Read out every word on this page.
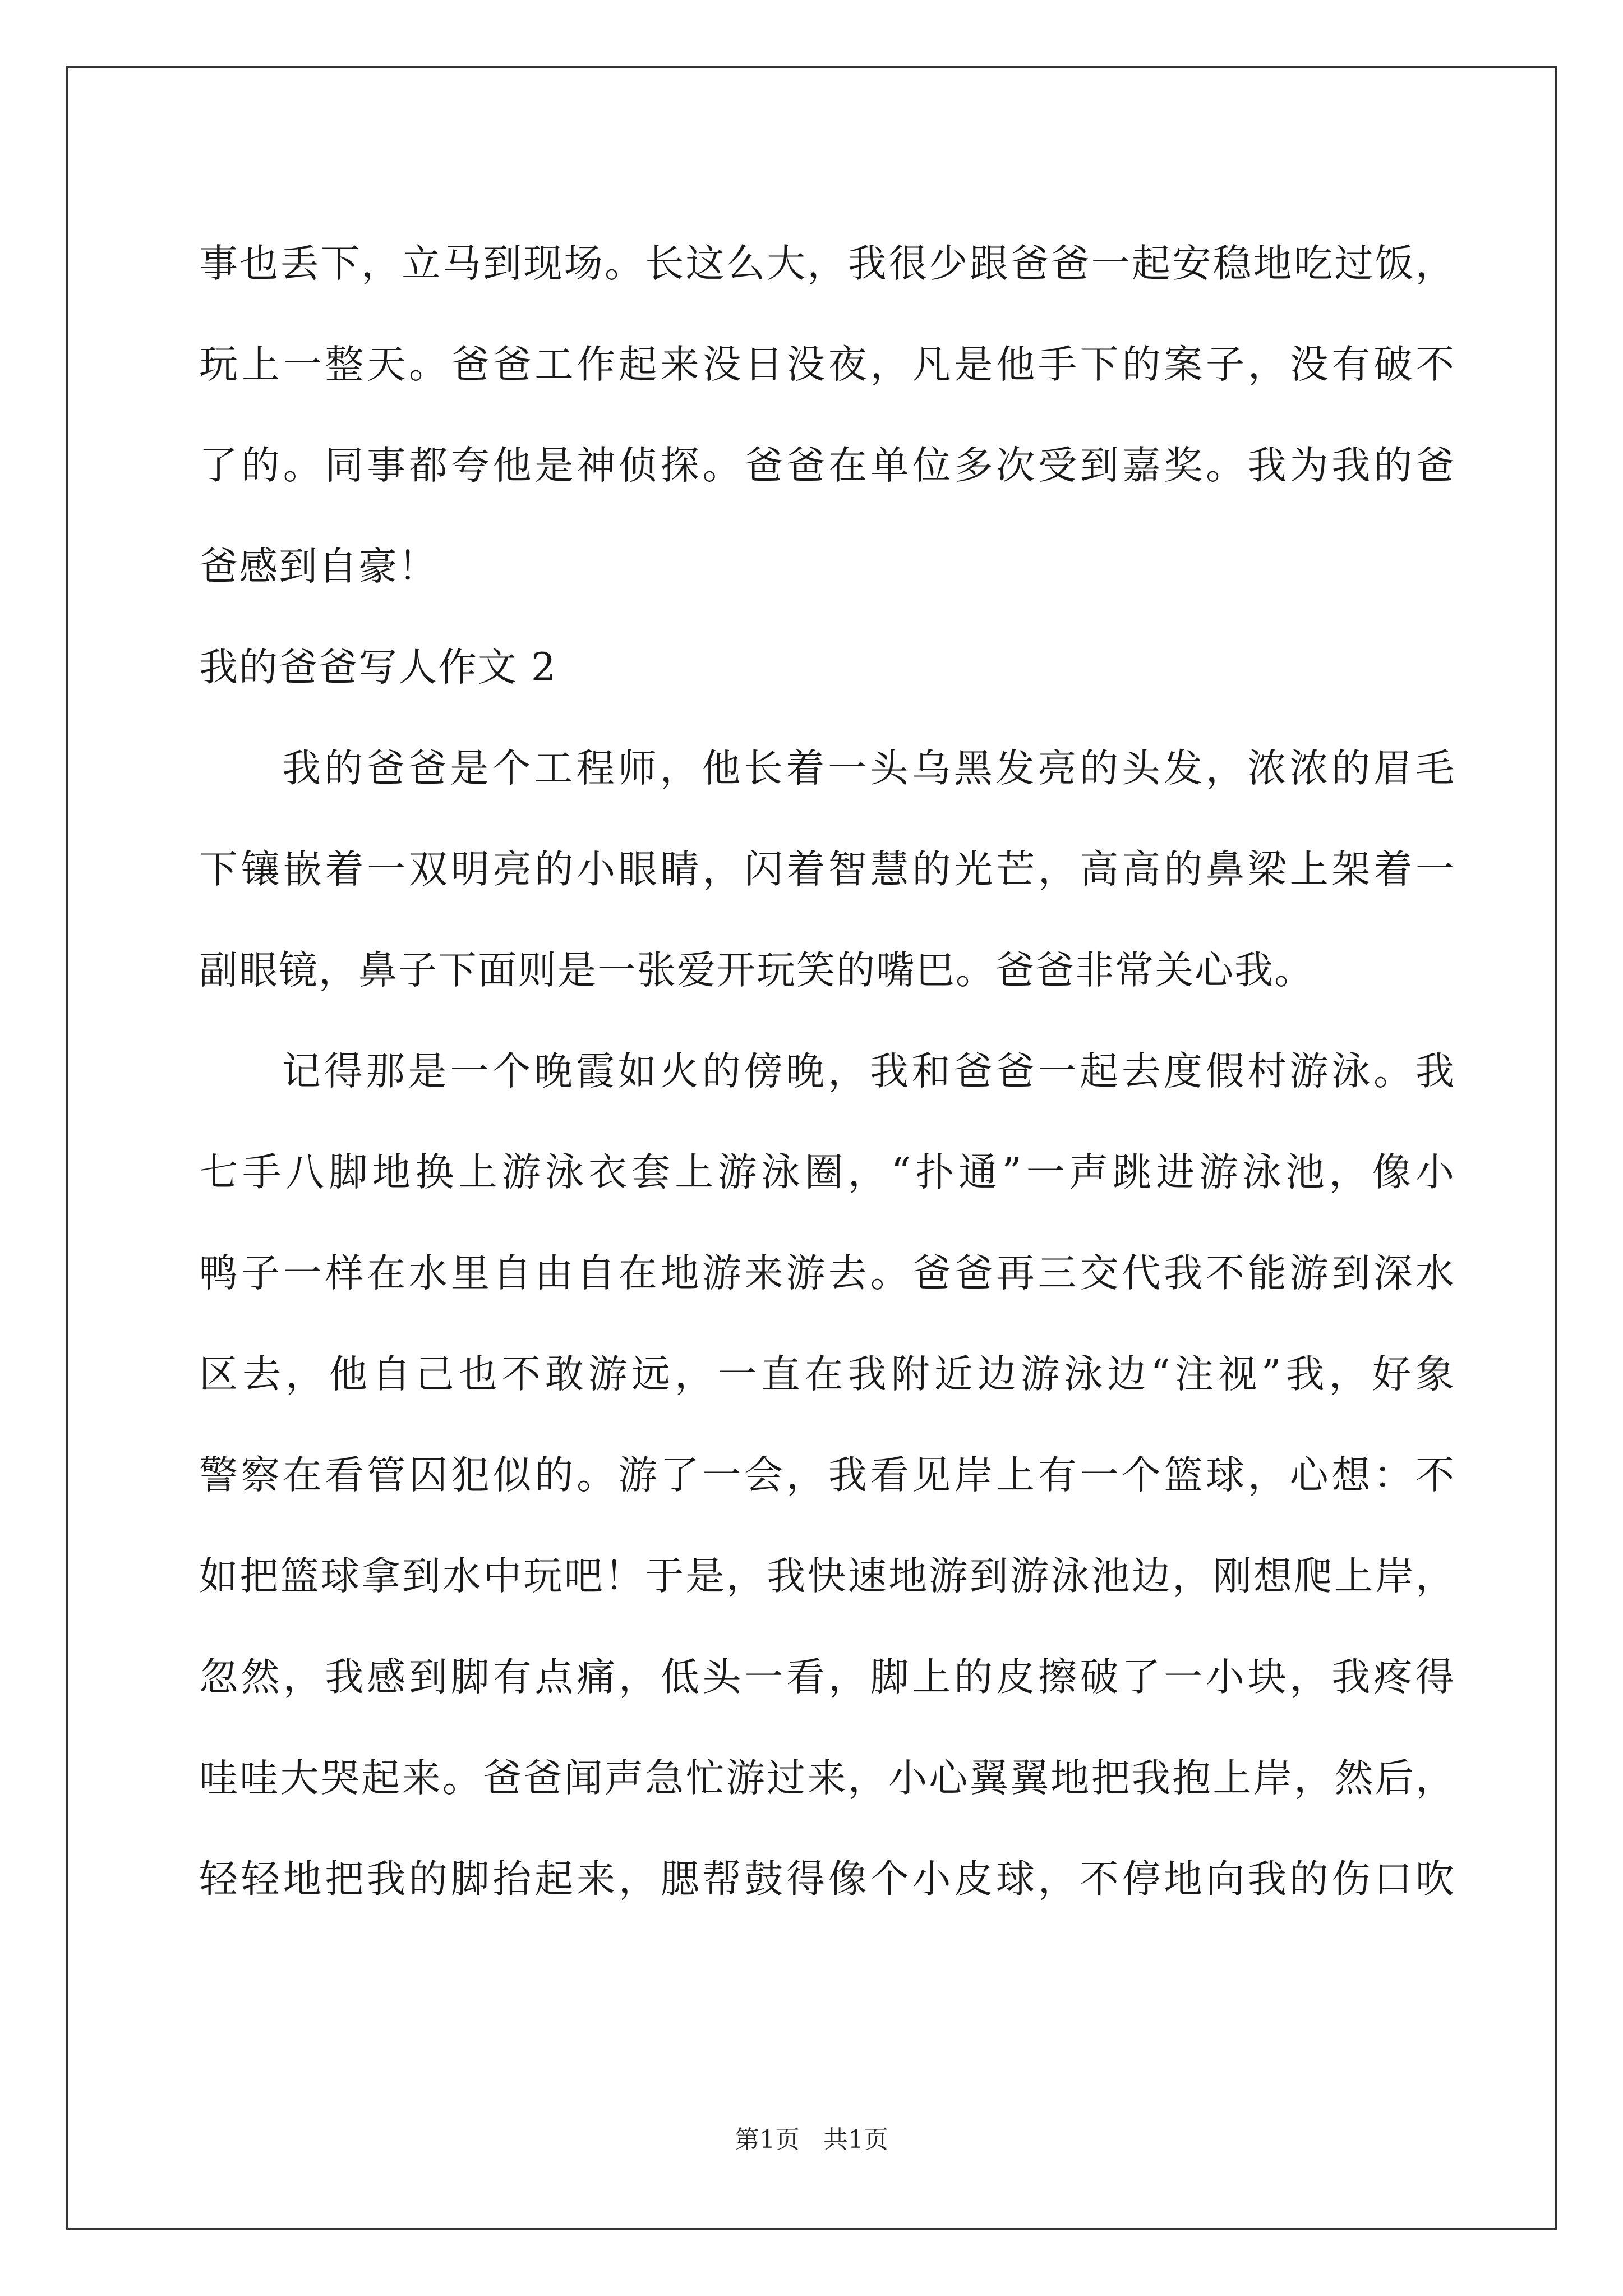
事也丢下，立马到现场。长这么大，我很少跟爸爸一起安稳地吃过饭，
玩上一整天。爸爸工作起来没日没夜，凡是他手下的案子，没有破不
了的。同事都夸他是神侦探。爸爸在单位多次受到嘉奖。我为我的爸
爸感到自豪！
我的爸爸写人作文 2
我的爸爸是个工程师，他长着一头乌黑发亮的头发，浓浓的眉毛
下镶嵌着一双明亮的小眼睛，闪着智慧的光芒，高高的鼻梁上架着一
副眼镜，鼻子下面则是一张爱开玩笑的嘴巴。爸爸非常关心我。
记得那是一个晚霞如火的傍晚，我和爸爸一起去度假村游泳。我
七手八脚地换上游泳衣套上游泳圈，“扑通”一声跳进游泳池，像小
鸭子一样在水里自由自在地游来游去。爸爸再三交代我不能游到深水
区去，他自己也不敢游远，一直在我附近边游泳边“注视”我，好象
警察在看管囚犯似的。游了一会，我看见岸上有一个篮球，心想：不
如把篮球拿到水中玩吧！于是，我快速地游到游泳池边，刚想爬上岸，
忽然，我感到脚有点痛，低头一看，脚上的皮擦破了一小块，我疼得
哇哇大哭起来。爸爸闻声急忙游过来，小心翼翼地把我抱上岸，然后，
轻轻地把我的脚抬起来，腮帮鼓得像个小皮球，不停地向我的伤口吹
第1页   共1页
